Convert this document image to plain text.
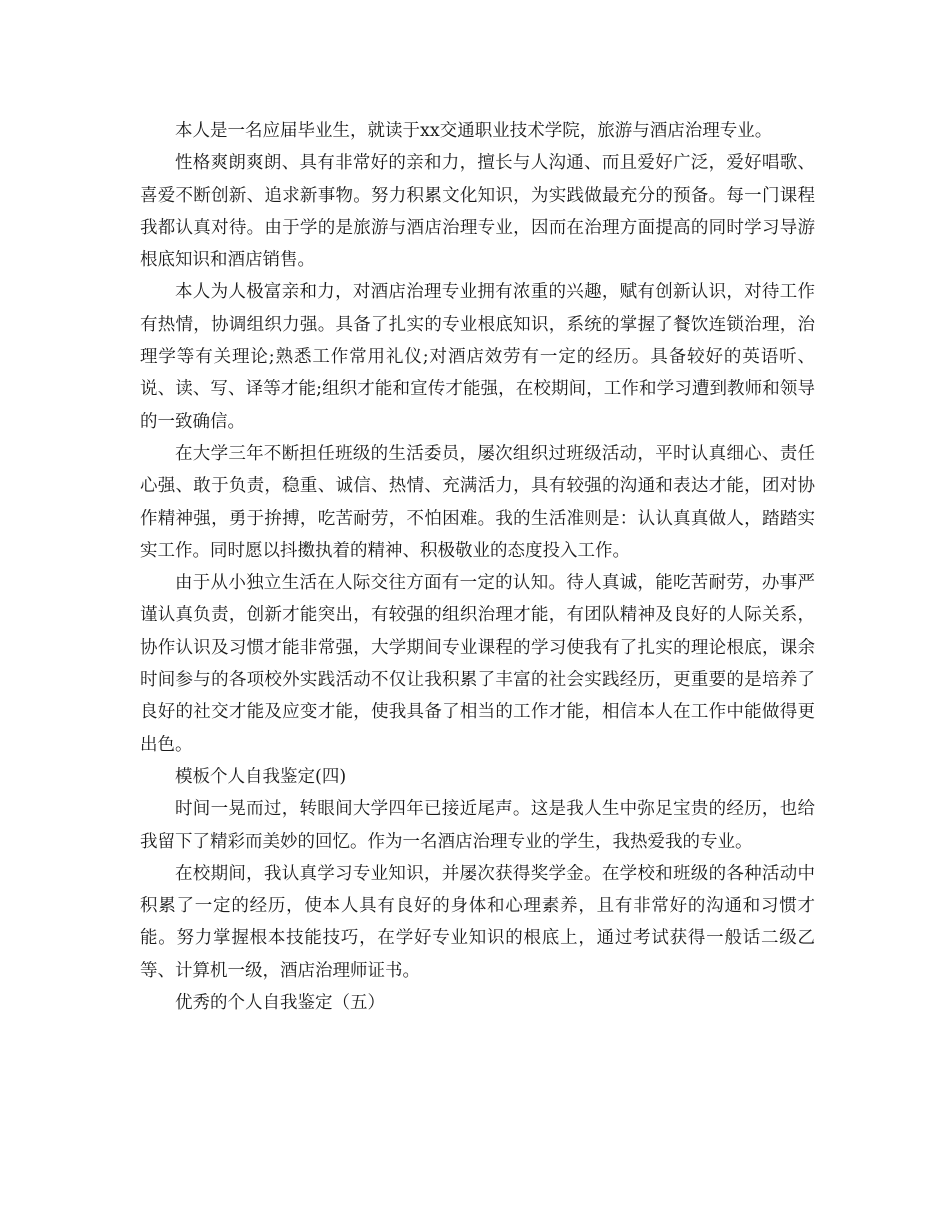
本人是一名应届毕业生，就读于xx交通职业技术学院，旅游与酒店治理专业。

性格爽朗爽朗、具有非常好的亲和力，擅长与人沟通、而且爱好广泛，爱好唱歌、喜爱不断创新、追求新事物。努力积累文化知识，为实践做最充分的预备。每一门课程我都认真对待。由于学的是旅游与酒店治理专业，因而在治理方面提高的同时学习导游根底知识和酒店销售。

本人为人极富亲和力，对酒店治理专业拥有浓重的兴趣，赋有创新认识，对待工作有热情，协调组织力强。具备了扎实的专业根底知识，系统的掌握了餐饮连锁治理，治理学等有关理论;熟悉工作常用礼仪;对酒店效劳有一定的经历。具备较好的英语听、说、读、写、译等才能;组织才能和宣传才能强，在校期间，工作和学习遭到教师和领导的一致确信。

在大学三年不断担任班级的生活委员，屡次组织过班级活动，平时认真细心、责任心强、敢于负责，稳重、诚信、热情、充满活力，具有较强的沟通和表达才能，团对协作精神强，勇于拚搏，吃苦耐劳，不怕困难。我的生活准则是：认认真真做人，踏踏实实工作。同时愿以抖擞执着的精神、积极敬业的态度投入工作。

由于从小独立生活在人际交往方面有一定的认知。待人真诚，能吃苦耐劳，办事严谨认真负责，创新才能突出，有较强的组织治理才能，有团队精神及良好的人际关系，协作认识及习惯才能非常强，大学期间专业课程的学习使我有了扎实的理论根底，课余时间参与的各项校外实践活动不仅让我积累了丰富的社会实践经历，更重要的是培养了良好的社交才能及应变才能，使我具备了相当的工作才能，相信本人在工作中能做得更出色。

模板个人自我鉴定(四)

时间一晃而过，转眼间大学四年已接近尾声。这是我人生中弥足宝贵的经历，也给我留下了精彩而美妙的回忆。作为一名酒店治理专业的学生，我热爱我的专业。

在校期间，我认真学习专业知识，并屡次获得奖学金。在学校和班级的各种活动中积累了一定的经历，使本人具有良好的身体和心理素养，且有非常好的沟通和习惯才能。努力掌握根本技能技巧，在学好专业知识的根底上，通过考试获得一般话二级乙等、计算机一级，酒店治理师证书。

优秀的个人自我鉴定（五）
